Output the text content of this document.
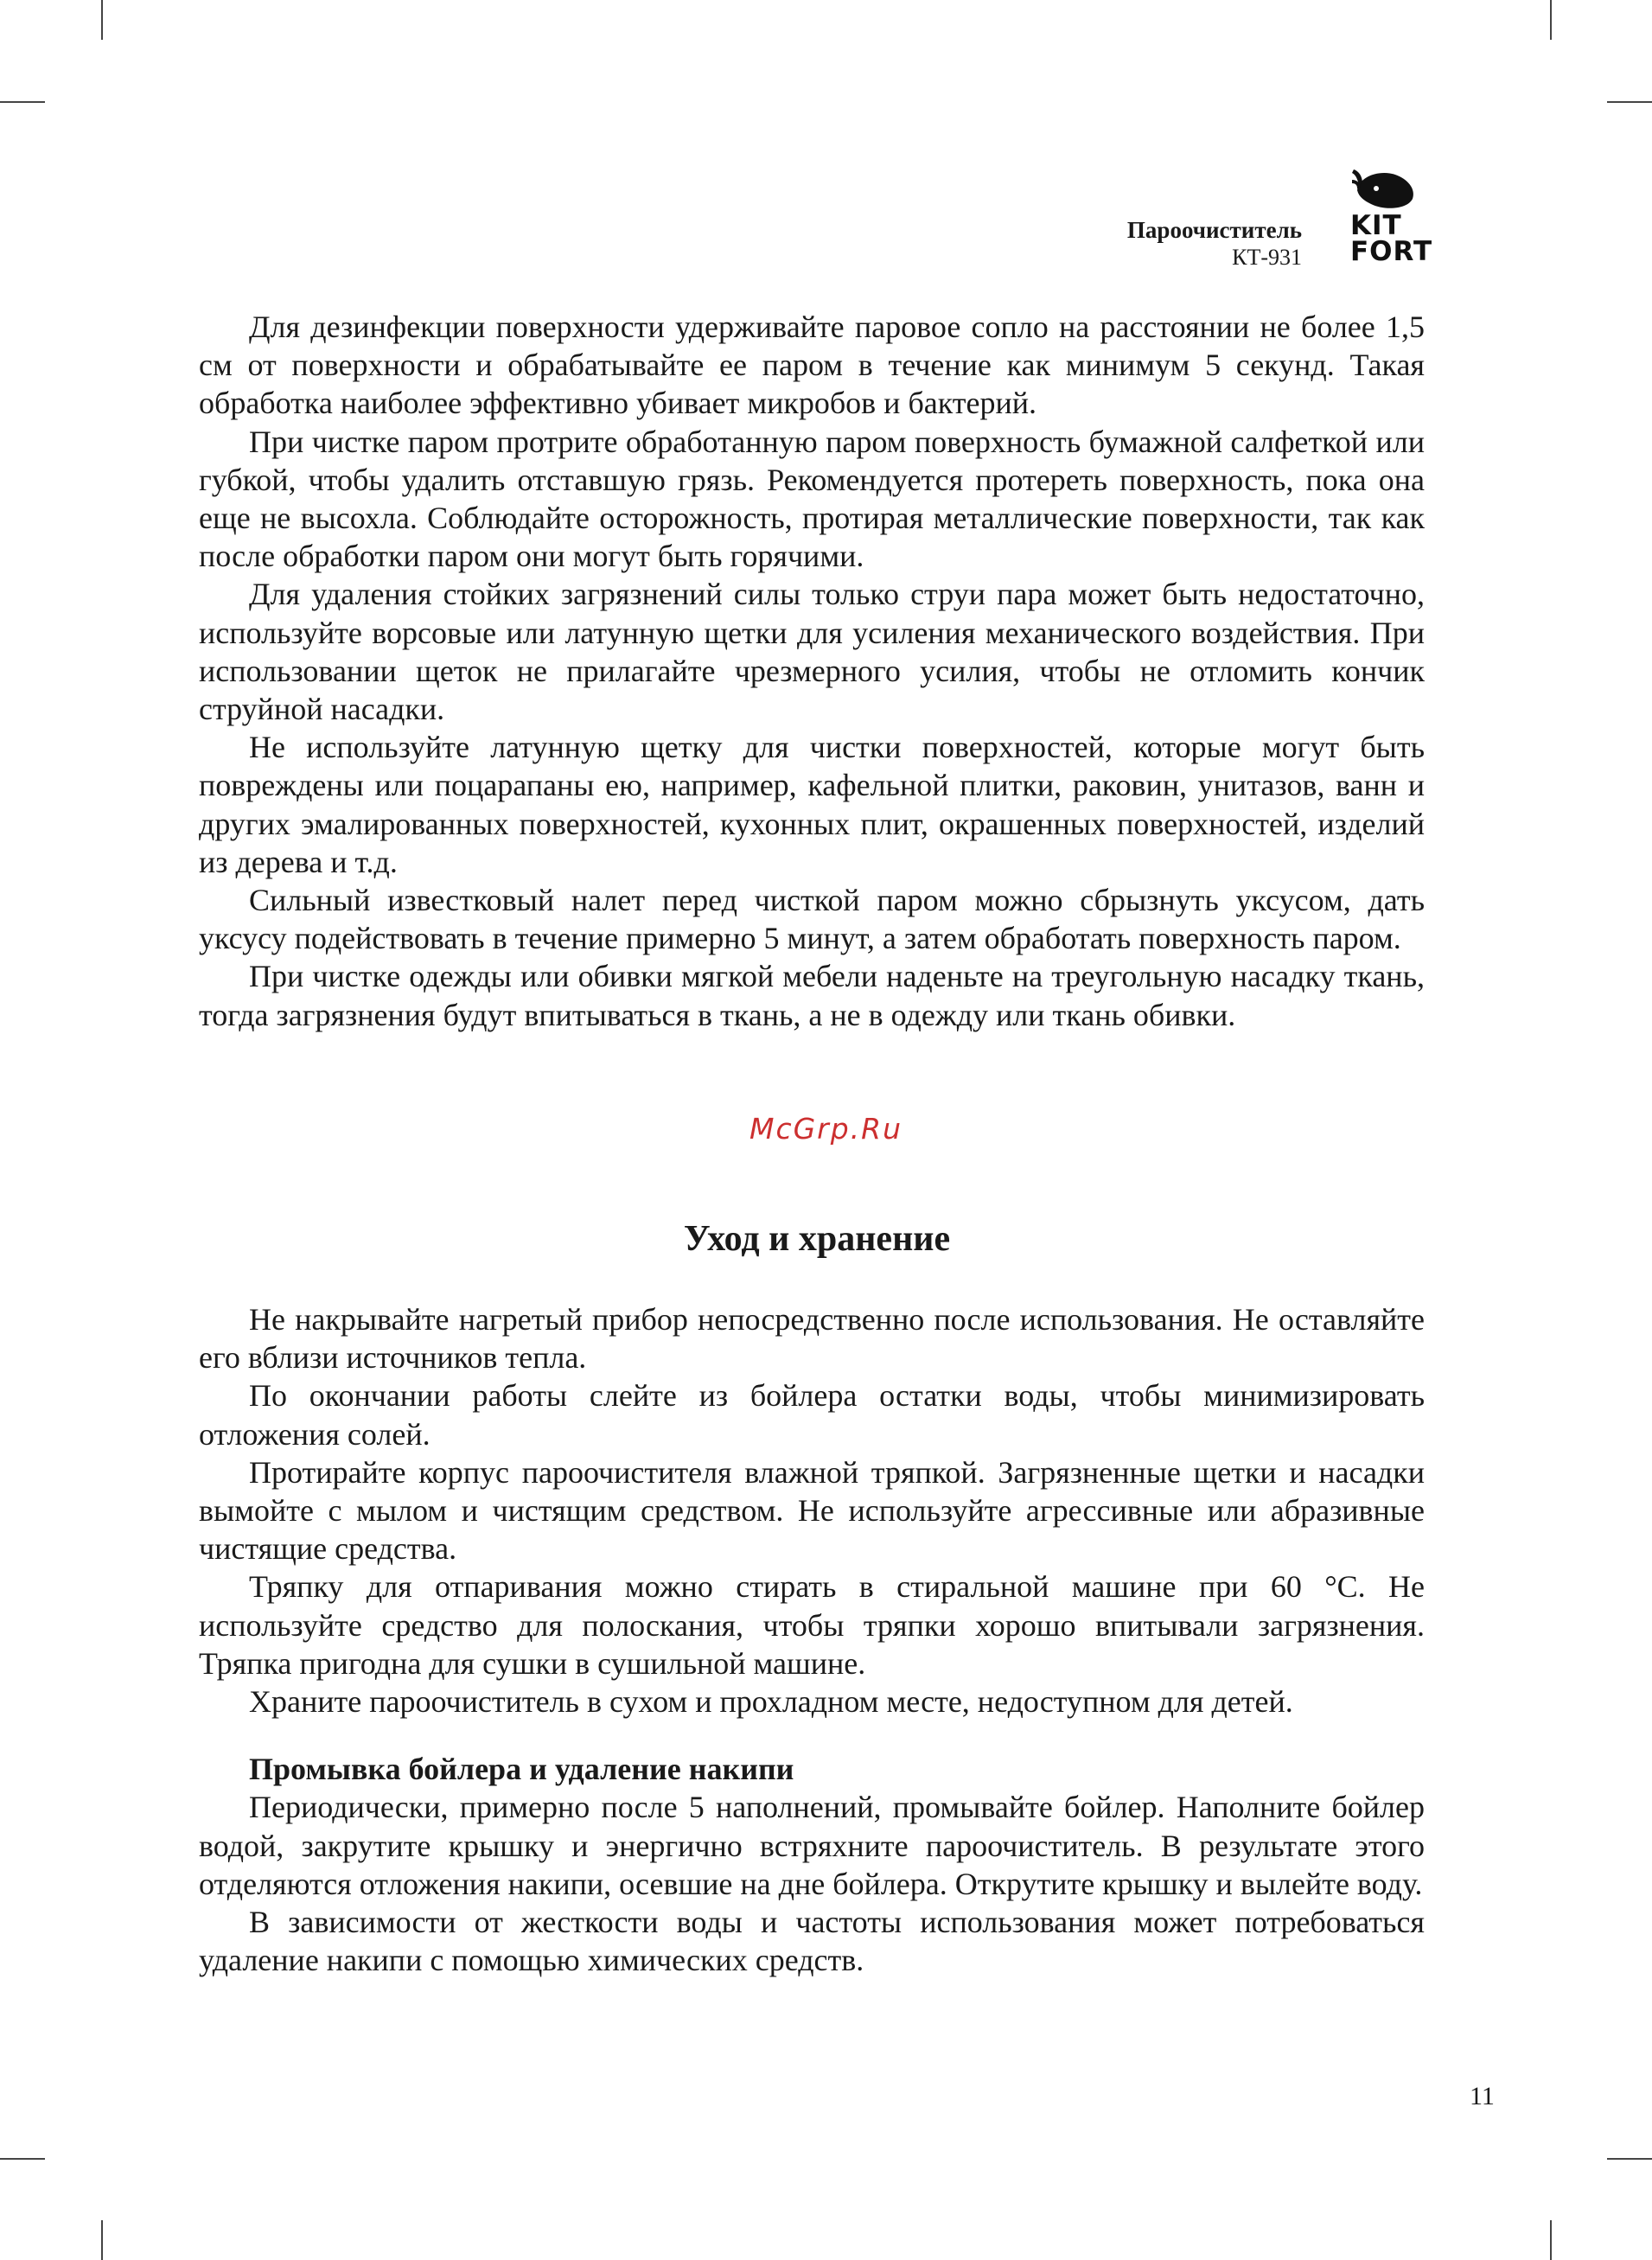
Пароочиститель
КТ-931
KIT
FORT

Для дезинфекции поверхности удерживайте паровое сопло на расстоянии не более 1,5 см от поверхности и обрабатывайте ее паром в течение как минимум 5 секунд. Такая обработка наиболее эффективно убивает микробов и бактерий.

При чистке паром протрите обработанную паром поверхность бумажной салфеткой или губкой, чтобы удалить отставшую грязь. Рекомендуется протереть поверхность, пока она еще не высохла. Соблюдайте осторожность, протирая металлические поверхности, так как после обработки паром они могут быть горячими.

Для удаления стойких загрязнений силы только струи пара может быть недостаточно, используйте ворсовые или латунную щетки для усиления механического воздействия. При использовании щеток не прилагайте чрезмерного усилия, чтобы не отломить кончик струйной насадки.

Не используйте латунную щетку для чистки поверхностей, которые могут быть повреждены или поцарапаны ею, например, кафельной плитки, раковин, унитазов, ванн и других эмалированных поверхностей, кухонных плит, окрашенных поверхностей, изделий из дерева и т.д.

Сильный известковый налет перед чисткой паром можно сбрызнуть уксусом, дать уксусу подействовать в течение примерно 5 минут, а затем обработать поверхность паром.

При чистке одежды или обивки мягкой мебели наденьте на треугольную насадку ткань, тогда загрязнения будут впитываться в ткань, а не в одежду или ткань обивки.

McGrp.Ru
Уход и хранение

Не накрывайте нагретый прибор непосредственно после использования. Не оставляйте его вблизи источников тепла.

По окончании работы слейте из бойлера остатки воды, чтобы минимизировать отложения солей.

Протирайте корпус пароочистителя влажной тряпкой. Загрязненные щетки и насадки вымойте с мылом и чистящим средством. Не используйте агрессивные или абразивные чистящие средства.

Тряпку для отпаривания можно стирать в стиральной машине при 60 °С. Не используйте средство для полоскания, чтобы тряпки хорошо впитывали загрязнения. Тряпка пригодна для сушки в сушильной машине.

Храните пароочиститель в сухом и прохладном месте, недоступном для детей.

Промывка бойлера и удаление накипи

Периодически, примерно после 5 наполнений, промывайте бойлер. Наполните бойлер водой, закрутите крышку и энергично встряхните пароочиститель. В результате этого отделяются отложения накипи, осевшие на дне бойлера. Открутите крышку и вылейте воду.

В зависимости от жесткости воды и частоты использования может потребоваться удаление накипи с помощью химических средств.

11
